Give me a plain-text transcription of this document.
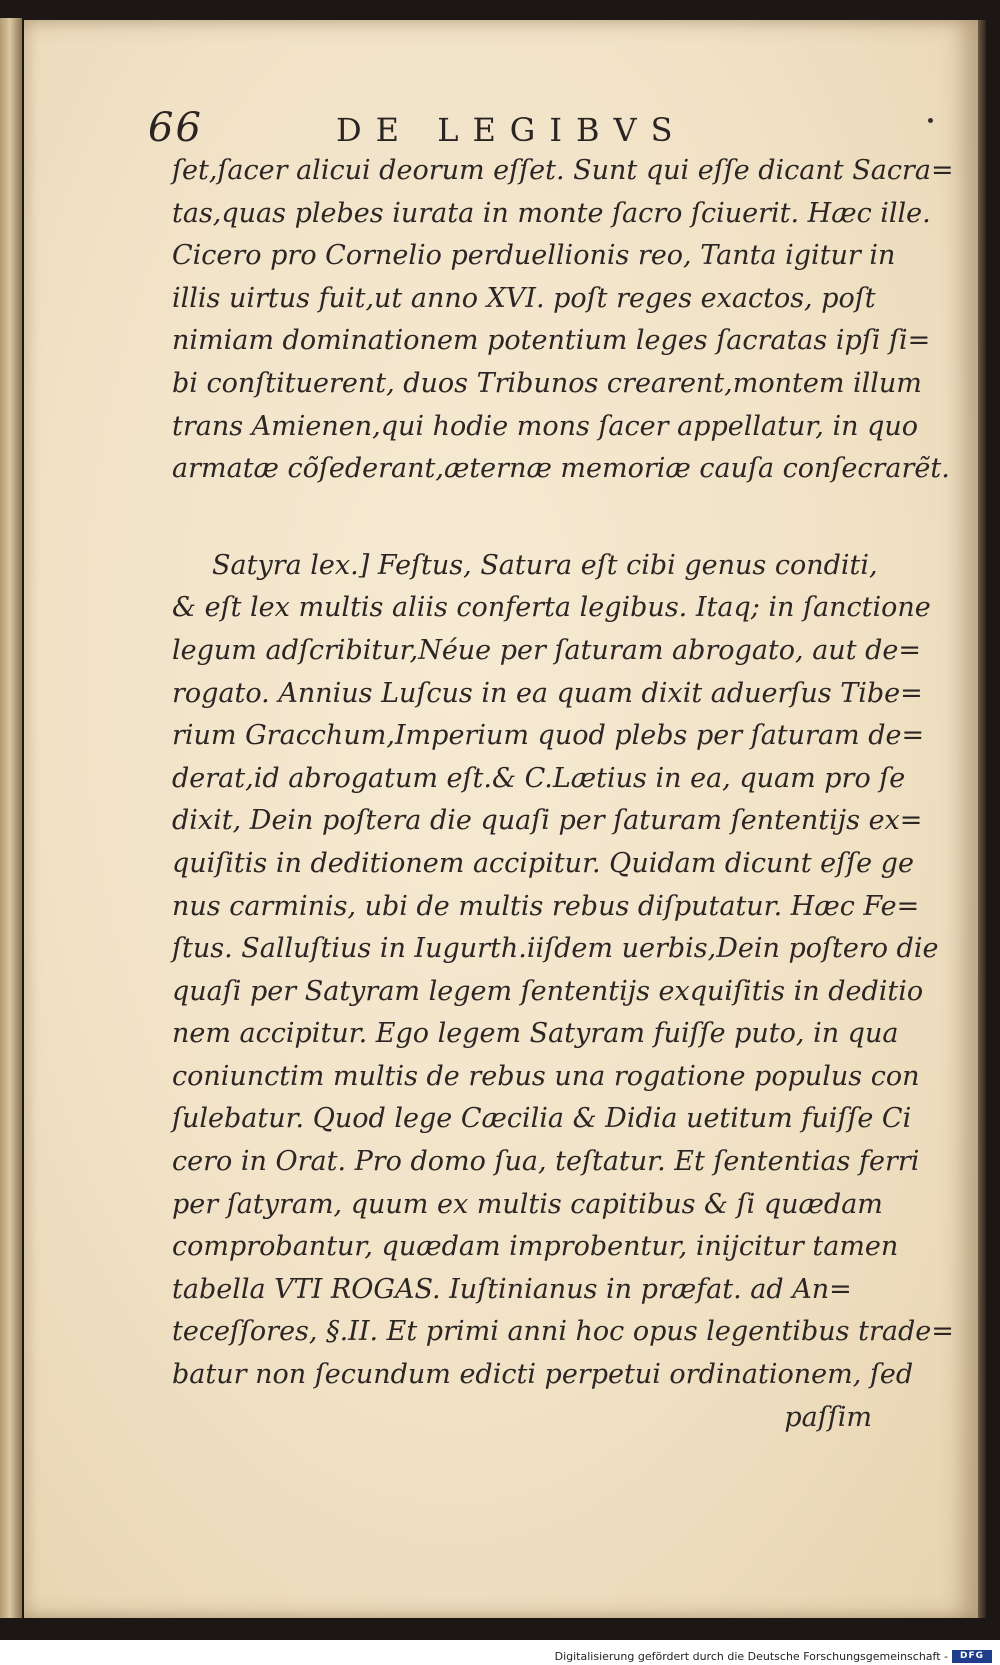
66	DE LEGIBVS
ſet,ſacer alicui deorum eſſet. Sunt qui eſſe dicant Sacra=
tas,quas plebes iurata in monte ſacro ſciuerit. Hæc ille.
Cicero pro Cornelio perduellionis reo, Tanta igitur in
illis uirtus fuit,ut anno XVI. poſt reges exactos, poſt
nimiam dominationem potentium leges ſacratas ipſi ſi=
bi conſtituerent, duos Tribunos crearent,montem illum
trans Amienen,qui hodie mons ſacer appellatur, in quo
armatæ cõſederant,æternæ memoriæ cauſa conſecrarẽt.
Satyra lex.] Feſtus, Satura eſt cibi genus conditi,
& eſt lex multis aliis conferta legibus. Itaq; in ſanctione
legum adſcribitur,Néue per ſaturam abrogato, aut de=
rogato. Annius Luſcus in ea quam dixit aduerſus Tibe=
rium Gracchum,Imperium quod plebs per ſaturam de=
derat,id abrogatum eſt.& C.Lætius in ea, quam pro ſe
dixit, Dein poſtera die quaſi per ſaturam ſententijs ex=
quiſitis in deditionem accipitur. Quidam dicunt eſſe ge
nus carminis, ubi de multis rebus diſputatur. Hæc Fe=
ſtus. Salluſtius in Iugurth.iiſdem uerbis,Dein poſtero die
quaſi per Satyram legem ſententijs exquiſitis in deditio
nem accipitur. Ego legem Satyram fuiſſe puto, in qua
coniunctim multis de rebus una rogatione populus con
ſulebatur. Quod lege Cæcilia & Didia uetitum fuiſſe Ci
cero in Orat. Pro domo ſua, teſtatur. Et ſententias ferri
per ſatyram, quum ex multis capitibus & ſi quædam
comprobantur, quædam improbentur, inijcitur tamen
tabella VTI ROGAS. Iuſtinianus in præfat. ad An=
teceſſores, §.II. Et primi anni hoc opus legentibus trade=
batur non ſecundum edicti perpetui ordinationem, ſed
paſſim
Digitalisierung gefördert durch die Deutsche Forschungsgemeinschaft -	DFG
